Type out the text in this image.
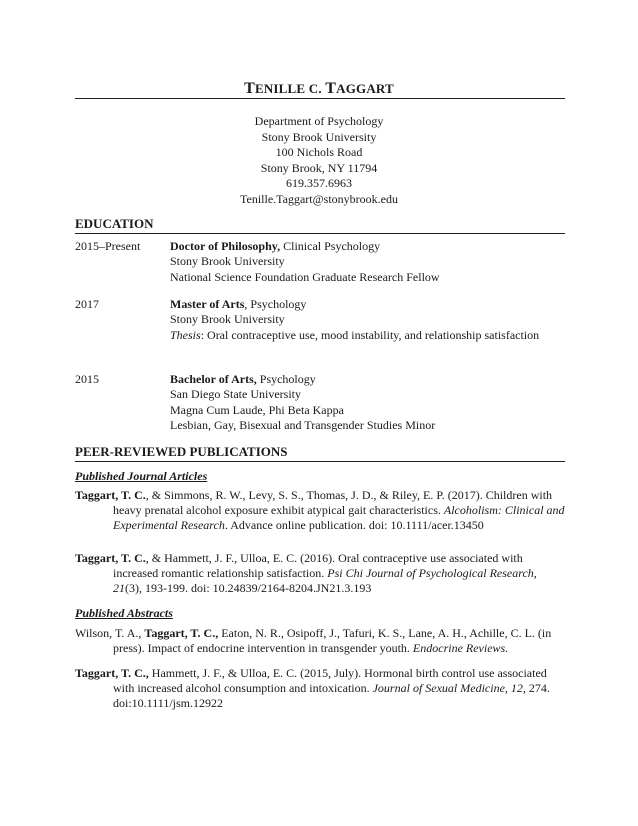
TENILLE C. TAGGART
Department of Psychology
Stony Brook University
100 Nichols Road
Stony Brook, NY 11794
619.357.6963
Tenille.Taggart@stonybrook.edu
EDUCATION
2015–Present	Doctor of Philosophy, Clinical Psychology
Stony Brook University
National Science Foundation Graduate Research Fellow
2017	Master of Arts, Psychology
Stony Brook University
Thesis: Oral contraceptive use, mood instability, and relationship satisfaction
2015	Bachelor of Arts, Psychology
San Diego State University
Magna Cum Laude, Phi Beta Kappa
Lesbian, Gay, Bisexual and Transgender Studies Minor
PEER-REVIEWED PUBLICATIONS
Published Journal Articles
Taggart, T. C., & Simmons, R. W., Levy, S. S., Thomas, J. D., & Riley, E. P. (2017). Children with heavy prenatal alcohol exposure exhibit atypical gait characteristics. Alcoholism: Clinical and Experimental Research. Advance online publication. doi: 10.1111/acer.13450
Taggart, T. C., & Hammett, J. F., Ulloa, E. C. (2016). Oral contraceptive use associated with increased romantic relationship satisfaction. Psi Chi Journal of Psychological Research, 21(3), 193-199. doi: 10.24839/2164-8204.JN21.3.193
Published Abstracts
Wilson, T. A., Taggart, T. C., Eaton, N. R., Osipoff, J., Tafuri, K. S., Lane, A. H., Achille, C. L. (in press). Impact of endocrine intervention in transgender youth. Endocrine Reviews.
Taggart, T. C., Hammett, J. F., & Ulloa, E. C. (2015, July). Hormonal birth control use associated with increased alcohol consumption and intoxication. Journal of Sexual Medicine, 12, 274. doi:10.1111/jsm.12922
